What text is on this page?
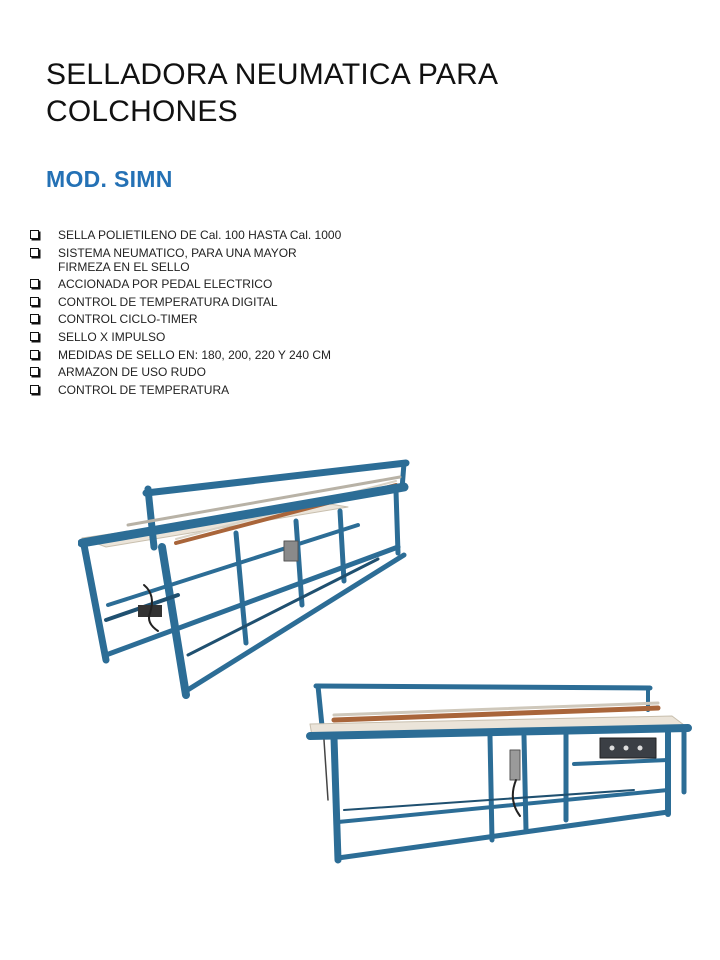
SELLADORA NEUMATICA PARA
COLCHONES
MOD. SIMN
SELLA POLIETILENO DE Cal. 100 HASTA Cal. 1000
SISTEMA NEUMATICO, PARA UNA MAYOR
FIRMEZA EN EL SELLO
ACCIONADA POR PEDAL ELECTRICO
CONTROL DE TEMPERATURA DIGITAL
CONTROL CICLO-TIMER
SELLO X IMPULSO
MEDIDAS DE SELLO EN: 180, 200, 220 Y 240 CM
ARMAZON DE USO RUDO
CONTROL DE TEMPERATURA
